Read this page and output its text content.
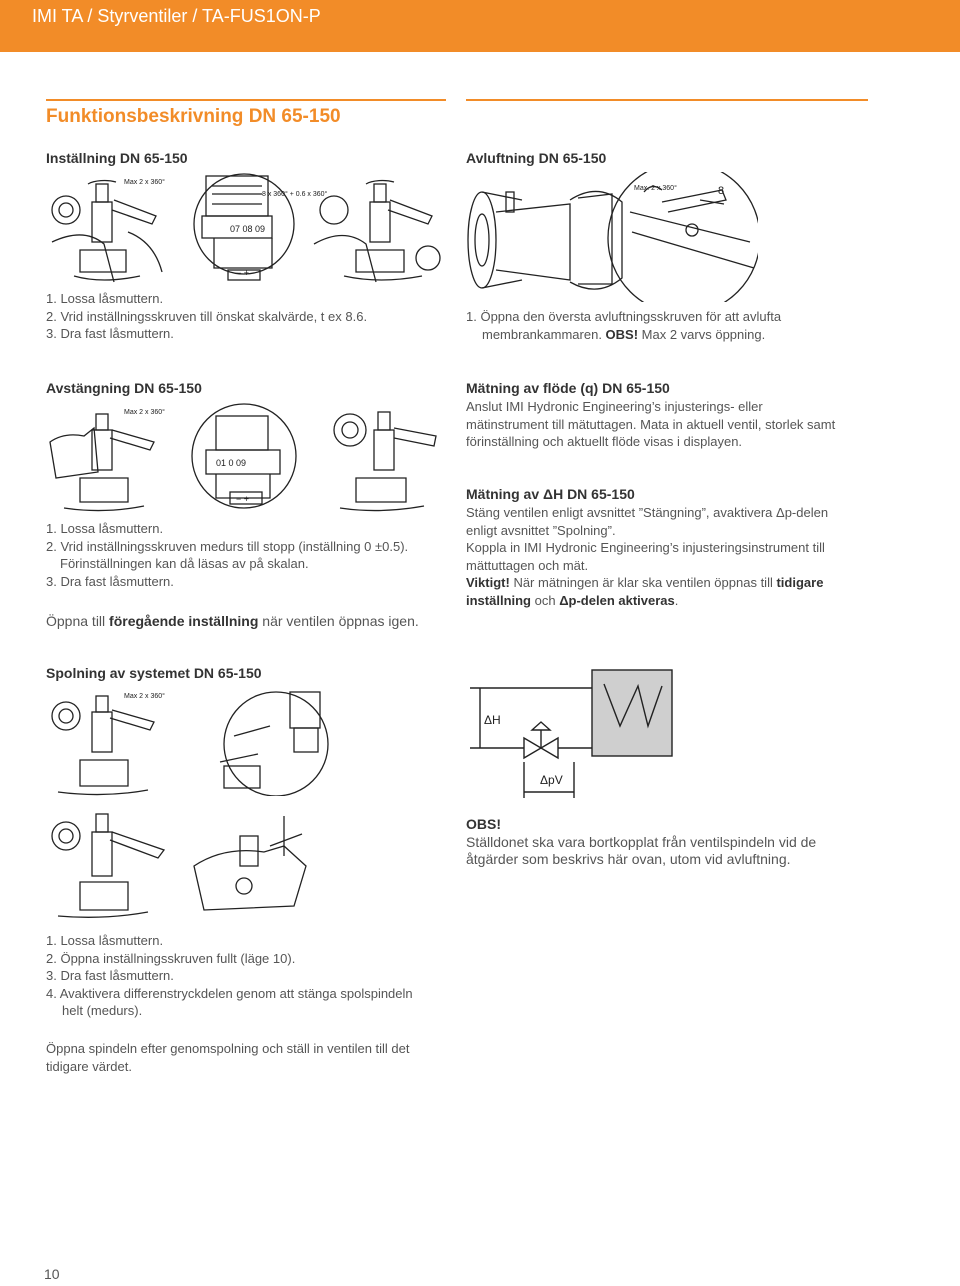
IMI TA / Styrventiler / TA-FUS1ON-P
Funktionsbeskrivning DN 65-150
Inställning DN 65-150
Max 2 x 360°
8 x 360° + 0.6 x 360°
07 08 09
− +
1. Lossa låsmuttern.
2. Vrid inställningsskruven till önskat skalvärde, t ex 8.6.
3. Dra fast låsmuttern.
Avluftning DN 65-150
Max. 2 x 360°	8
1. Öppna den översta avluftningsskruven för att avlufta
membrankammaren. OBS! Max 2 varvs öppning.
Avstängning DN 65-150
Max 2 x 360°
01 0 09
− +
1. Lossa låsmuttern.
2. Vrid inställningsskruven medurs till stopp (inställning 0 ±0.5).
Förinställningen kan då läsas av på skalan.
3. Dra fast låsmuttern.
Öppna till föregående inställning när ventilen öppnas igen.
Mätning av flöde (q) DN 65-150
Anslut IMI Hydronic Engineering’s injusterings- eller
mätinstrument till mätuttagen. Mata in aktuell ventil, storlek samt
förinställning och aktuellt flöde visas i displayen.
Mätning av ΔH DN 65-150
Stäng ventilen enligt avsnittet ”Stängning”, avaktivera Δp-delen
enligt avsnittet ”Spolning”.
Koppla in IMI Hydronic Engineering’s injusteringsinstrument till
mättuttagen och mät.
Viktigt! När mätningen är klar ska ventilen öppnas till tidigare
inställning och Δp-delen aktiveras.
Spolning av systemet DN 65-150
Max 2 x 360°
ΔH
ΔpV
OBS!
Ställdonet ska vara bortkopplat från ventilspindeln vid de
åtgärder som beskrivs här ovan, utom vid avluftning.
1. Lossa låsmuttern.
2. Öppna inställningsskruven fullt (läge 10).
3. Dra fast låsmuttern.
4. Avaktivera differenstryckdelen genom att stänga spolspindeln
helt (medurs).
Öppna spindeln efter genomspolning och ställ in ventilen till det
tidigare värdet.
10
